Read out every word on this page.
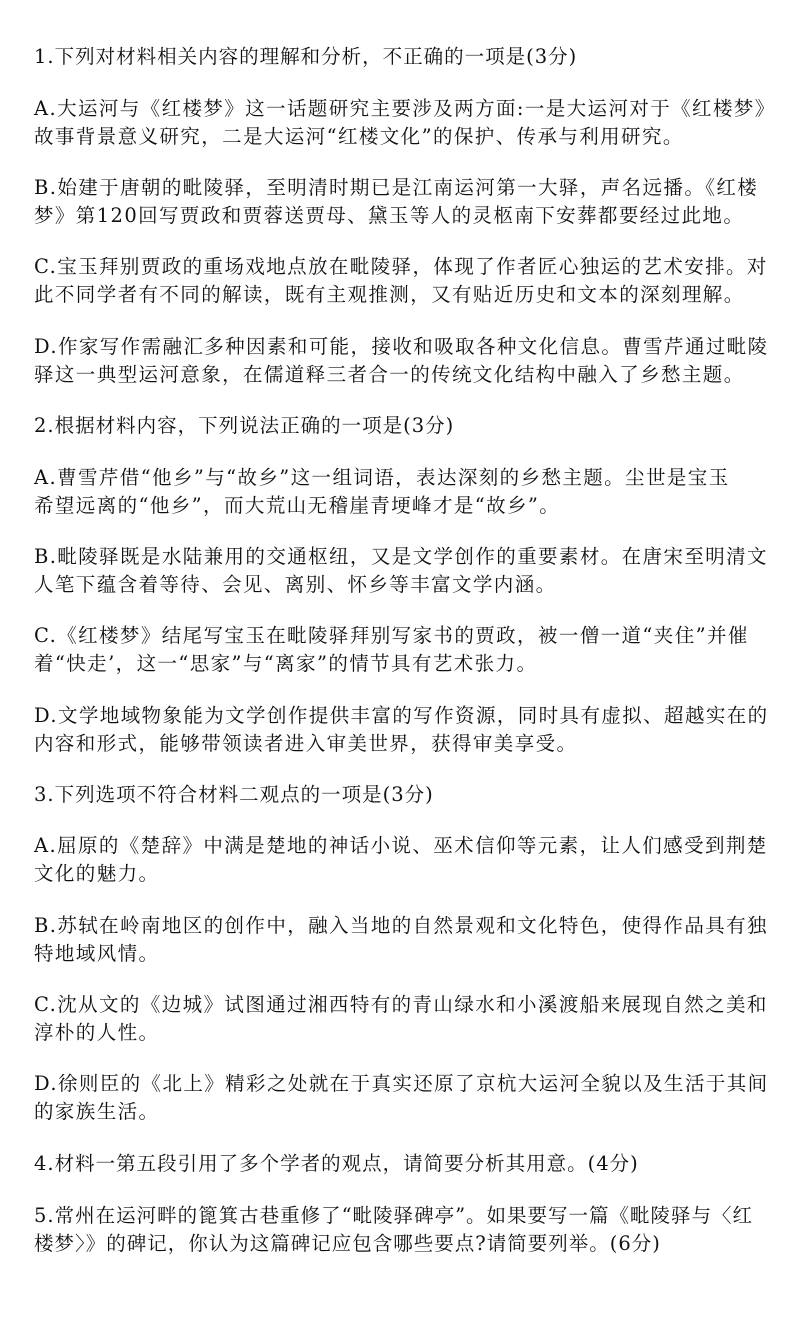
1.下列对材料相关内容的理解和分析，不正确的一项是(3分)
A.大运河与《红楼梦》这一话题研究主要涉及两方面:一是大运河对于《红楼梦》
故事背景意义研究，二是大运河“红楼文化”的保护、传承与利用研究。
B.始建于唐朝的毗陵驿，至明清时期已是江南运河第一大驿，声名远播。《红楼
梦》第120回写贾政和贾蓉送贾母、黛玉等人的灵柩南下安葬都要经过此地。
C.宝玉拜别贾政的重场戏地点放在毗陵驿，体现了作者匠心独运的艺术安排。对
此不同学者有不同的解读，既有主观推测，又有贴近历史和文本的深刻理解。
D.作家写作需融汇多种因素和可能，接收和吸取各种文化信息。曹雪芹通过毗陵
驿这一典型运河意象，在儒道释三者合一的传统文化结构中融入了乡愁主题。
2.根据材料内容，下列说法正确的一项是(3分)
A.曹雪芹借“他乡”与“故乡”这一组词语，表达深刻的乡愁主题。尘世是宝玉
希望远离的“他乡”，而大荒山无稽崖青埂峰才是“故乡”。
B.毗陵驿既是水陆兼用的交通枢纽，又是文学创作的重要素材。在唐宋至明清文
人笔下蕴含着等待、会见、离别、怀乡等丰富文学内涵。
C.《红楼梦》结尾写宝玉在毗陵驿拜别写家书的贾政，被一僧一道“夹住”并催
着“快走’，这一“思家”与“离家”的情节具有艺术张力。
D.文学地域物象能为文学创作提供丰富的写作资源，同时具有虚拟、超越实在的
内容和形式，能够带领读者进入审美世界，获得审美享受。
3.下列选项不符合材料二观点的一项是(3分)
A.屈原的《楚辞》中满是楚地的神话小说、巫术信仰等元素，让人们感受到荆楚
文化的魅力。
B.苏轼在岭南地区的创作中，融入当地的自然景观和文化特色，使得作品具有独
特地域风情。
C.沈从文的《边城》试图通过湘西特有的青山绿水和小溪渡船来展现自然之美和
淳朴的人性。
D.徐则臣的《北上》精彩之处就在于真实还原了京杭大运河全貌以及生活于其间
的家族生活。
4.材料一第五段引用了多个学者的观点，请简要分析其用意。(4分)
5.常州在运河畔的篦箕古巷重修了“毗陵驿碑亭”。如果要写一篇《毗陵驿与〈红
楼梦〉》的碑记，你认为这篇碑记应包含哪些要点?请简要列举。(6分)
